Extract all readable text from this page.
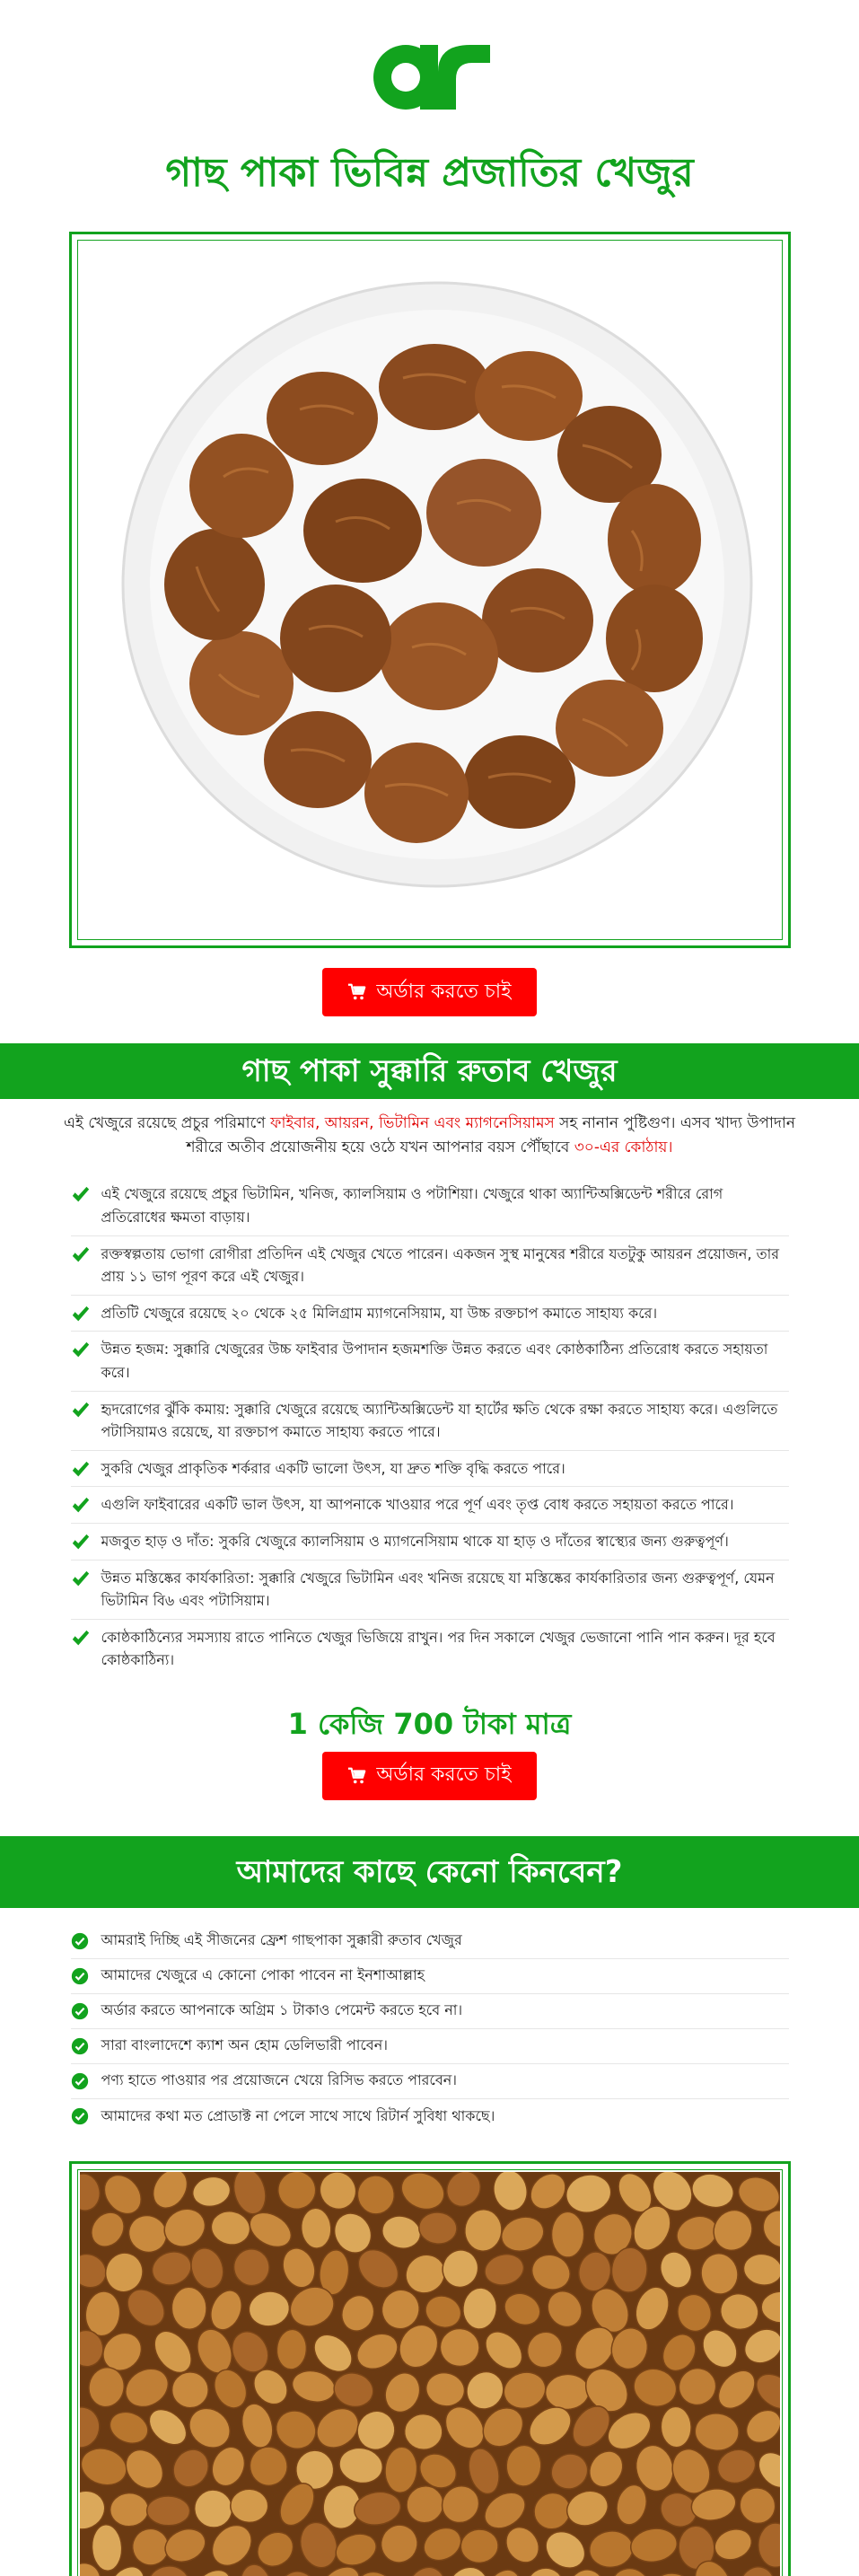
গাছ পাকা ভিবিন্ন প্রজাতির খেজুর
অর্ডার করতে চাই
গাছ পাকা সুক্কারি রুতাব খেজুর

এই খেজুরে রয়েছে প্রচুর পরিমাণে ফাইবার, আয়রন, ভিটামিন এবং ম্যাগনেসিয়ামস সহ নানান পুষ্টিগুণ। এসব খাদ্য উপাদান শরীরে অতীব প্রয়োজনীয় হয়ে ওঠে যখন আপনার বয়স পৌঁছাবে ৩০-এর কোঠায়।

এই খেজুরে রয়েছে প্রচুর ভিটামিন, খনিজ, ক্যালসিয়াম ও পটাশিয়া। খেজুরে থাকা অ্যান্টিঅক্সিডেন্ট শরীরে রোগ প্রতিরোধের ক্ষমতা বাড়ায়।
রক্তস্বল্পতায় ভোগা রোগীরা প্রতিদিন এই খেজুর খেতে পারেন। একজন সুস্থ মানুষের শরীরে যতটুকু আয়রন প্রয়োজন, তার প্রায় ১১ ভাগ পূরণ করে এই খেজুর।
প্রতিটি খেজুরে রয়েছে ২০ থেকে ২৫ মিলিগ্রাম ম্যাগনেসিয়াম, যা উচ্চ রক্তচাপ কমাতে সাহায্য করে।
উন্নত হজম: সুক্কারি খেজুরের উচ্চ ফাইবার উপাদান হজমশক্তি উন্নত করতে এবং কোষ্ঠকাঠিন্য প্রতিরোধ করতে সহায়তা করে।
হৃদরোগের ঝুঁকি কমায়: সুক্কারি খেজুরে রয়েছে অ্যান্টিঅক্সিডেন্ট যা হার্টের ক্ষতি থেকে রক্ষা করতে সাহায্য করে। এগুলিতে পটাসিয়ামও রয়েছে, যা রক্তচাপ কমাতে সাহায্য করতে পারে।
সুকরি খেজুর প্রাকৃতিক শর্করার একটি ভালো উৎস, যা দ্রুত শক্তি বৃদ্ধি করতে পারে।
এগুলি ফাইবারের একটি ভাল উৎস, যা আপনাকে খাওয়ার পরে পূর্ণ এবং তৃপ্ত বোধ করতে সহায়তা করতে পারে।
মজবুত হাড় ও দাঁত: সুকরি খেজুরে ক্যালসিয়াম ও ম্যাগনেসিয়াম থাকে যা হাড় ও দাঁতের স্বাস্থ্যের জন্য গুরুত্বপূর্ণ।
উন্নত মস্তিষ্কের কার্যকারিতা: সুক্কারি খেজুরে ভিটামিন এবং খনিজ রয়েছে যা মস্তিষ্কের কার্যকারিতার জন্য গুরুত্বপূর্ণ, যেমন ভিটামিন বি৬ এবং পটাসিয়াম।
কোষ্ঠকাঠিন্যের সমস্যায় রাতে পানিতে খেজুর ভিজিয়ে রাখুন। পর দিন সকালে খেজুর ভেজানো পানি পান করুন। দূর হবে কোষ্ঠকাঠিন্য।
1 কেজি 700 টাকা মাত্র
অর্ডার করতে চাই
আমাদের কাছে কেনো কিনবেন?
আমরাই দিচ্ছি এই সীজনের ফ্রেশ গাছপাকা সুক্কারী রুতাব খেজুর
আমাদের খেজুরে এ কোনো পোকা পাবেন না ইনশাআল্লাহ
অর্ডার করতে আপনাকে অগ্রিম ১ টাকাও পেমেন্ট করতে হবে না।
সারা বাংলাদেশে ক্যাশ অন হোম ডেলিভারী পাবেন।
পণ্য হাতে পাওয়ার পর প্রয়োজনে খেয়ে রিসিভ করতে পারবেন।
আমাদের কথা মত প্রোডাক্ট না পেলে সাথে সাথে রিটার্ন সুবিধা থাকছে।
